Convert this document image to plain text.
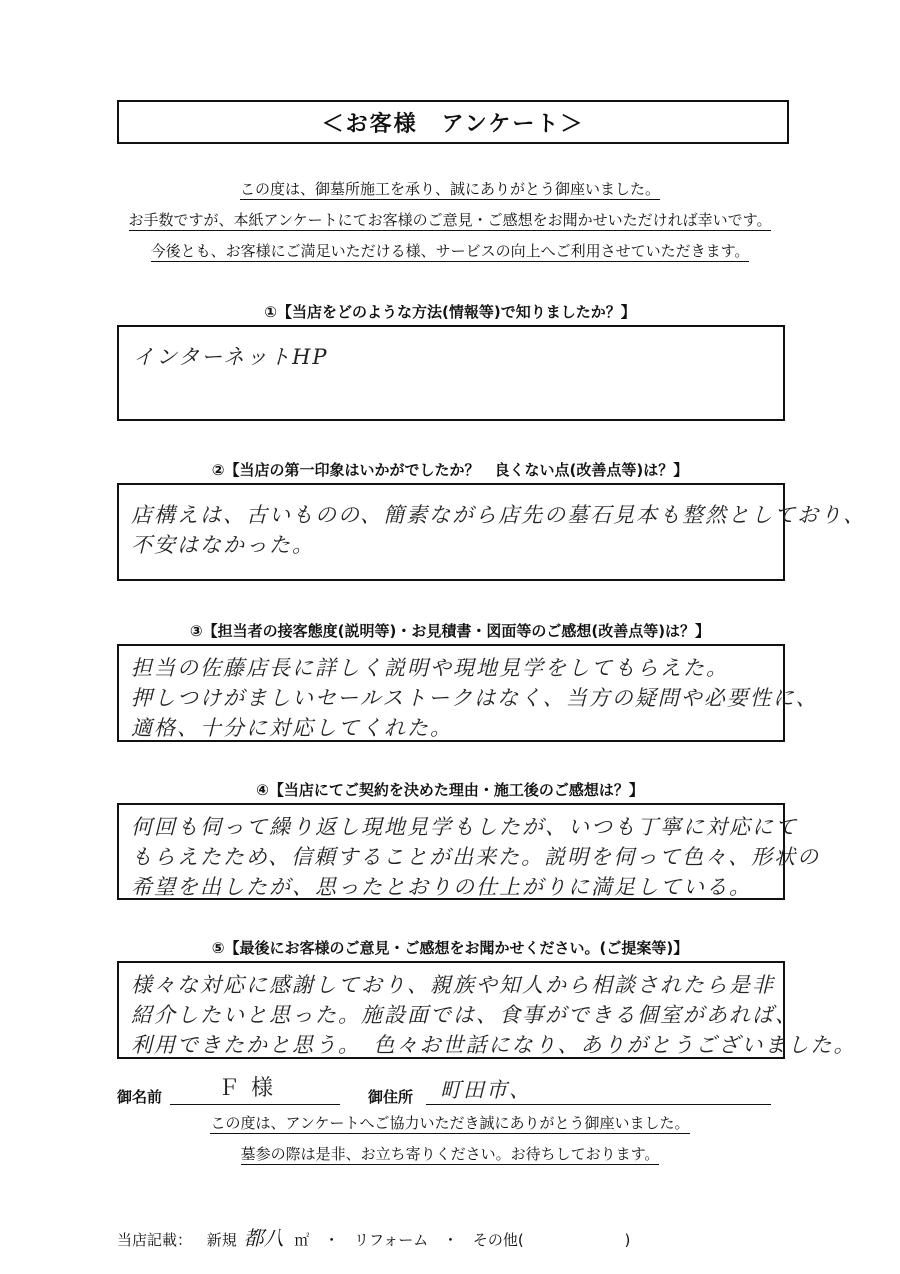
＜お客様　アンケート＞
この度は、御墓所施工を承り、誠にありがとう御座いました。
お手数ですが、本紙アンケートにてお客様のご意見・ご感想をお聞かせいただければ幸いです。
今後とも、お客様にご満足いただける様、サービスの向上へご利用させていただきます。
①【当店をどのような方法(情報等)で知りましたか？】
インターネットHP
②【当店の第一印象はいかがでしたか？　良くない点(改善点等)は？】
店構えは、古いものの、簡素ながら店先の墓石見本も整然としており、
不安はなかった。
③【担当者の接客態度(説明等)・お見積書・図面等のご感想(改善点等)は？】
担当の佐藤店長に詳しく説明や現地見学をしてもらえた。
押しつけがましいセールストークはなく、当方の疑問や必要性に、
適格、十分に対応してくれた。
④【当店にてご契約を決めた理由・施工後のご感想は？】
何回も伺って繰り返し現地見学もしたが、いつも丁寧に対応にて
もらえたため、信頼することが出来た。説明を伺って色々、形状の
希望を出したが、思ったとおりの仕上がりに満足している。
⑤【最後にお客様のご意見・ご感想をお聞かせください。(ご提案等)】
様々な対応に感謝しており、親族や知人から相談されたら是非
紹介したいと思った。施設面では、食事ができる個室があれば、
利用できたかと思う。　色々お世話になり、ありがとうございました。
御名前	Ｆ 様	御住所 町田市、
この度は、アンケートへご協力いただき誠にありがとう御座いました。
墓参の際は是非、お立ち寄りください。お待ちしております。
当店記載： 新規 都八 ㎡ ・ リフォーム ・ その他(	)
